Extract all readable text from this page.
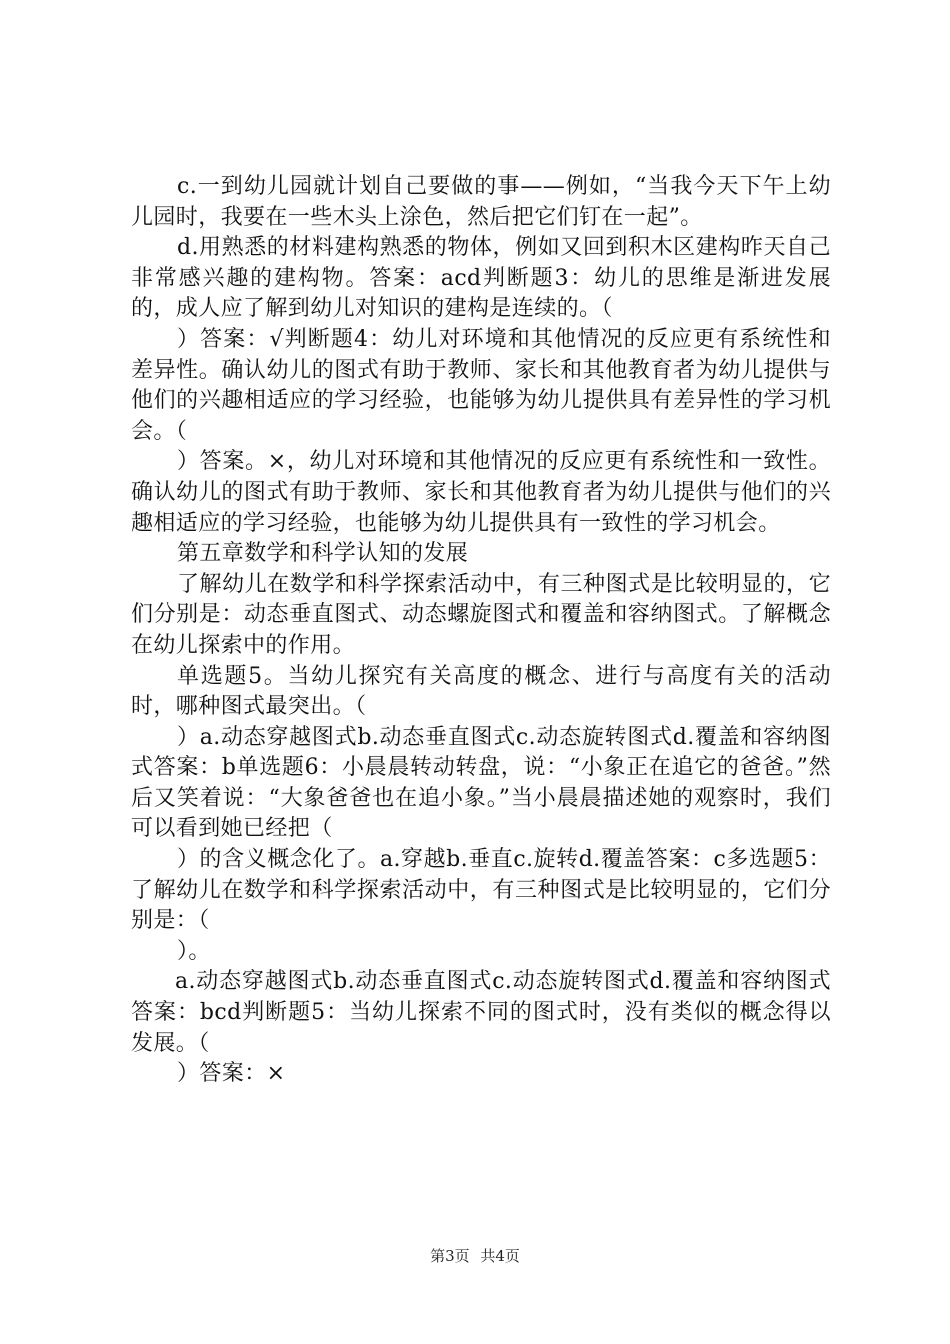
c.一到幼儿园就计划自己要做的事——例如，“当我今天下午上幼儿园时，我要在一些木头上涂色，然后把它们钉在一起”。

d.用熟悉的材料建构熟悉的物体，例如又回到积木区建构昨天自己非常感兴趣的建构物。答案：acd判断题3：幼儿的思维是渐进发展的，成人应了解到幼儿对知识的建构是连续的。（

）答案：√判断题4：幼儿对环境和其他情况的反应更有系统性和差异性。确认幼儿的图式有助于教师、家长和其他教育者为幼儿提供与他们的兴趣相适应的学习经验，也能够为幼儿提供具有差异性的学习机会。（

）答案。×，幼儿对环境和其他情况的反应更有系统性和一致性。确认幼儿的图式有助于教师、家长和其他教育者为幼儿提供与他们的兴趣相适应的学习经验，也能够为幼儿提供具有一致性的学习机会。

第五章数学和科学认知的发展

了解幼儿在数学和科学探索活动中，有三种图式是比较明显的，它们分别是：动态垂直图式、动态螺旋图式和覆盖和容纳图式。了解概念在幼儿探索中的作用。

单选题5。当幼儿探究有关高度的概念、进行与高度有关的活动时，哪种图式最突出。（

）a.动态穿越图式b.动态垂直图式c.动态旋转图式d.覆盖和容纳图式答案：b单选题6：小晨晨转动转盘，说：“小象正在追它的爸爸。”然后又笑着说：“大象爸爸也在追小象。”当小晨晨描述她的观察时，我们可以看到她已经把（

）的含义概念化了。a.穿越b.垂直c.旋转d.覆盖答案：c多选题5：了解幼儿在数学和科学探索活动中，有三种图式是比较明显的，它们分别是：（

）。

a.动态穿越图式b.动态垂直图式c.动态旋转图式d.覆盖和容纳图式答案：bcd判断题5：当幼儿探索不同的图式时，没有类似的概念得以发展。（

）答案：×

第3页 共4页
